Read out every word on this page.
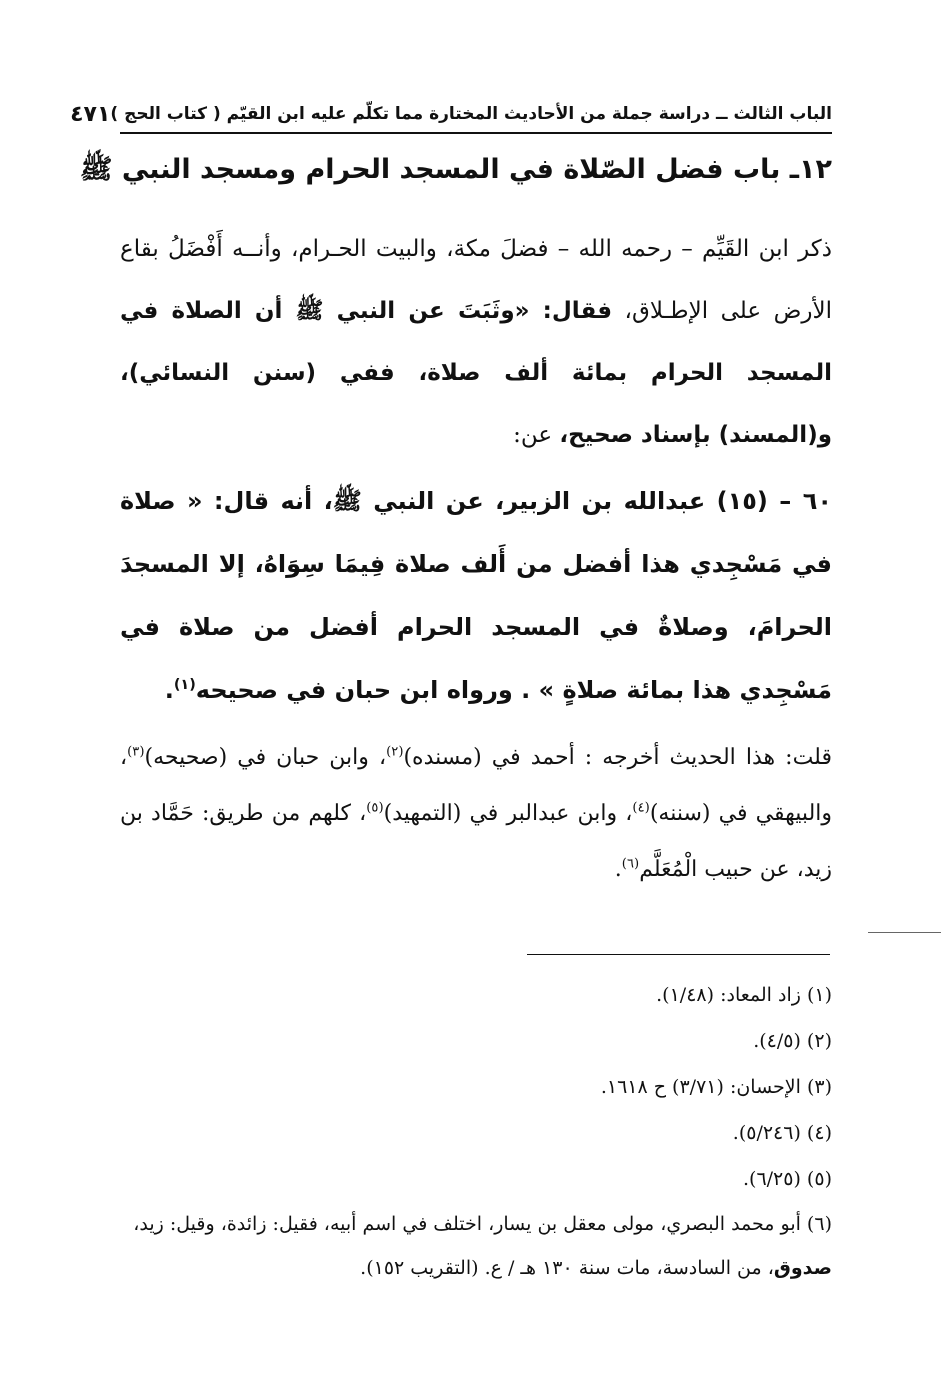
الباب الثالث ــ دراسة جملة من الأحاديث المختارة مما تكلّم عليه ابن القيّم ( كتاب الحج )
٤٧١
١٢ـ باب فضل الصّلاة في المسجد الحرام ومسجد النبي ﷺ

ذكر ابن القَيِّم – رحمه الله – فضلَ مكة، والبيت الحـرام، وأنــه أَفْضَلُ بقاع الأرض على الإطـلاق، فقال: «وثَبَتَ عن النبي ﷺ أن الصلاة في المسجد الحرام بمائة ألف صلاة، ففي (سنن النسائي)، و(المسند) بإسناد صحيح، عن:

٦٠ – (١٥) عبدالله بن الزبير، عن النبي ﷺ، أنه قال: « صلاة في مَسْجِدي هذا أفضل من أَلف صلاة فِيمَا سِوَاهُ، إلا المسجدَ الحرامَ، وصلاةٌ في المسجد الحرام أفضل من صلاة في مَسْجِدي هذا بمائة صلاةٍ » . ورواه ابن حبان في صحيحه$^{(١)}$.

قلت: هذا الحديث أخرجه : أحمد في (مسنده)$^{(٢)}$، وابن حبان في (صحيحه)$^{(٣)}$، والبيهقي في (سننه)$^{(٤)}$، وابن عبدالبر في (التمهيد)$^{(٥)}$، كلهم من طريق: حَمَّاد بن زيد، عن حبيب الْمُعَلَّم$^{(٦)}$.

(١) زاد المعاد: (١/٤٨).
(٢) (٤/٥).
(٣) الإحسان: (٣/٧١) ح ١٦١٨.
(٤) (٥/٢٤٦).
(٥) (٦/٢٥).
(٦) أبو محمد البصري، مولى معقل بن يسار، اختلف في اسم أبيه، فقيل: زائدة، وقيل: زيد، صدوق، من السادسة، مات سنة ١٣٠ هـ / ع. (التقريب ١٥٢).
